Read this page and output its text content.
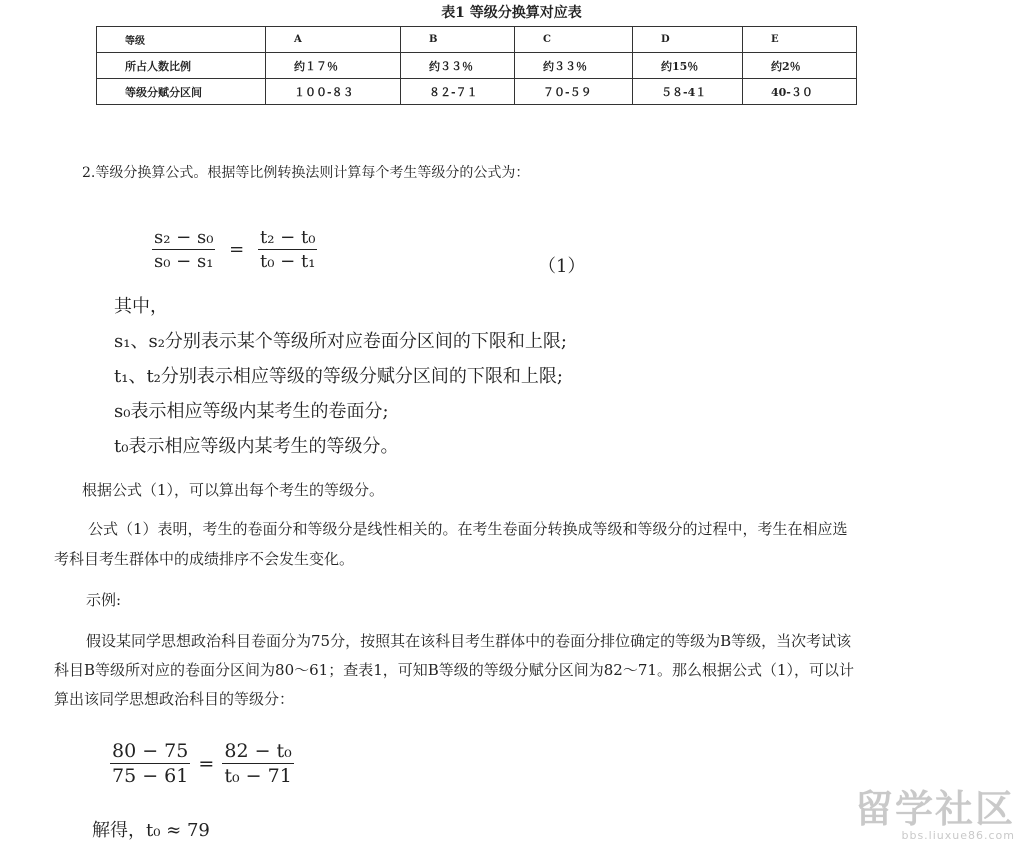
表1 等级分换算对应表
等级	A	B	C	D	E
所占人数比例	约１７％	约３３％	约３３％	约15％	约2％
等级分赋分区间	１００-８３	８２-７１	７０-５９	５８-4１	40-３０
2.等级分换算公式。根据等比例转换法则计算每个考生等级分的公式为：
$\frac{\text{s₂ − s₀}}{\text{s₀ − s₁}} = \frac{\text{t₂ − t₀}}{\text{t₀ − t₁}}$	（1）
其中，
s₁、s₂分别表示某个等级所对应卷面分区间的下限和上限;
t₁、t₂分别表示相应等级的等级分赋分区间的下限和上限;
s₀表示相应等级内某考生的卷面分;
t₀表示相应等级内某考生的等级分。
根据公式（1），可以算出每个考生的等级分。
公式（1）表明，考生的卷面分和等级分是线性相关的。在考生卷面分转换成等级和等级分的过程中，考生在相应选
考科目考生群体中的成绩排序不会发生变化。
示例:
假设某同学思想政治科目卷面分为75分，按照其在该科目考生群体中的卷面分排位确定的等级为B等级，当次考试该
科目B等级所对应的卷面分区间为80～61；查表1，可知B等级的等级分赋分区间为82～71。那么根据公式（1），可以计
算出该同学思想政治科目的等级分：
$\frac{80 - 75}{75 - 61} = \frac{\text{82 − t₀}}{\text{t₀ − 71}}$
解得，t₀ ≈ 79	留学社区
bbs.liuxue86.com
